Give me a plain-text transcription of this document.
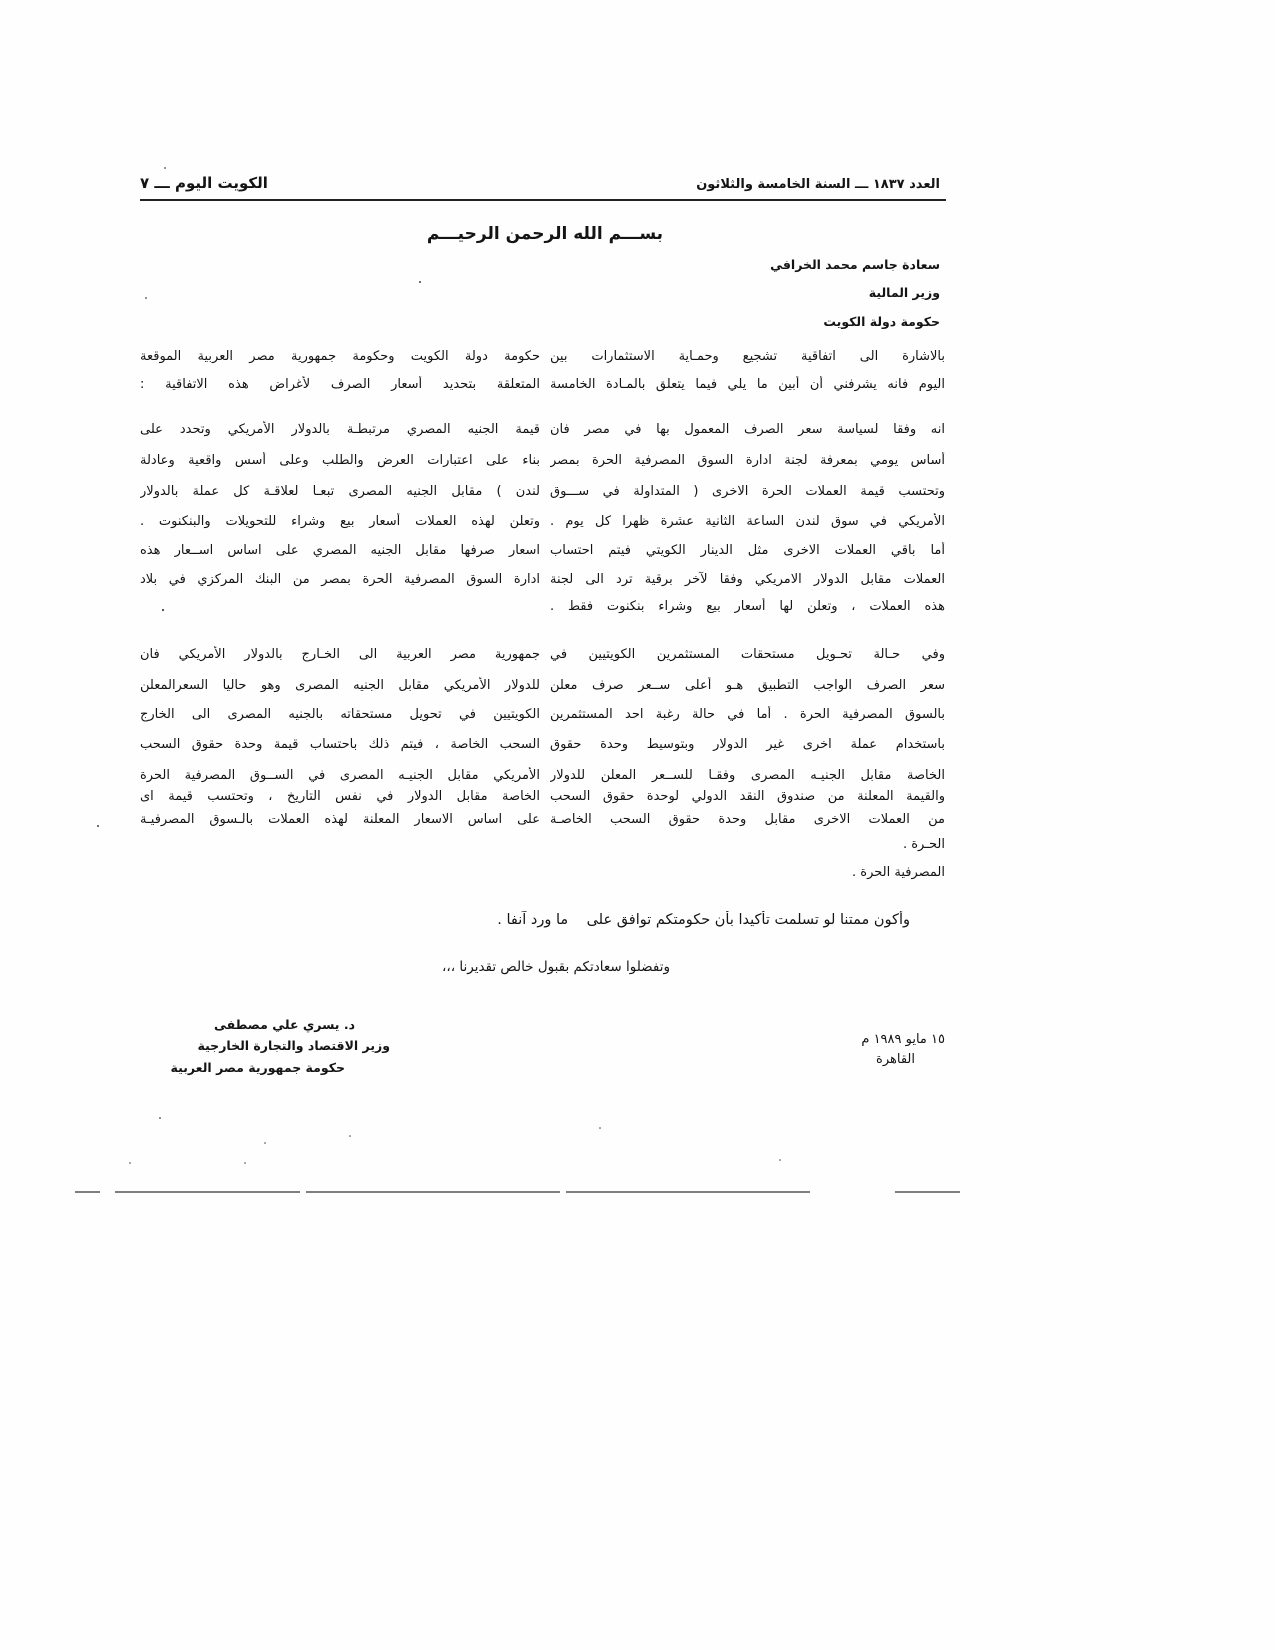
العدد ١٨٣٧ ـــ السنة الخامسة والثلاثون
الكويت اليوم ـــ ٧
بســـم الله الرحمن الرحيـــم
سعادة جاسم محمد الخرافي
وزير المالية
حكومة دولة الكويت
بالاشارة الى اتفاقية تشجيع وحمـاية الاستثمارات بين
اليوم فانه يشرفني أن أبين ما يلي فيما يتعلق بالمـادة الخامسة
حكومة دولة الكويت وحكومة جمهورية مصر العربية الموقعة
المتعلقة بتحديد أسعار الصرف لأغراض هذه الاتفاقية :
انه وفقا لسياسة سعر الصرف المعمول بها في مصر فان
أساس يومي بمعرفة لجنة ادارة السوق المصرفية الحرة بمصر
وتحتسب قيمة العملات الحرة الاخرى ( المتداولة في ســـوق
الأمريكي في سوق لندن الساعة الثانية عشرة ظهرا كل يوم .
أما باقي العملات الاخرى مثل الدينار الكويتي فيتم احتساب
العملات مقابل الدولار الامريكي وفقا لآخر برقية ترد الى لجنة
هذه العملات ، وتعلن لها أسعار بيع وشراء بنكنوت فقط .
قيمة الجنيه المصري مرتبطـة بالدولار الأمريكي وتحدد على
بناء على اعتبارات العرض والطلب وعلى أسس واقعية وعادلة
لندن ) مقابل الجنيه المصرى تبعـا لعلاقـة كل عملة بالدولار
وتعلن لهذه العملات أسعار بيع وشراء للتحويلات والبنكنوت .
اسعار صرفها مقابل الجنيه المصري على اساس اســعار هذه
ادارة السوق المصرفية الحرة بمصر من البنك المركزي في بلاد
وفي حـالة تحـويل مستحقات المستثمرين الكويتيين في
سعر الصرف الواجب التطبيق هـو أعلى ســعر صرف معلن
بالسوق المصرفية الحرة . أما في حالة رغبة احد المستثمرين
باستخدام عملة اخرى غير الدولار وبتوسيط وحدة حقوق
الخاصة مقابل الجنيـه المصرى وفقـا للســعر المعلن للدولار
والقيمة المعلنة من صندوق النقد الدولي لوحدة حقوق السحب
من العملات الاخرى مقابل وحدة حقوق السحب الخاصـة
الحـرة .
المصرفية الحرة .
جمهورية مصر العربية الى الخـارج بالدولار الأمريكي فان
للدولار الأمريكي مقابل الجنيه المصرى وهو حاليا السعرالمعلن
الكويتيين في تحويل مستحقاته بالجنيه المصرى الى الخارج
السحب الخاصة ، فيتم ذلك باحتساب قيمة وحدة حقوق السحب
الأمريكي مقابل الجنيـه المصرى في الســوق المصرفية الحرة
الخاصة مقابل الدولار في نفس التاريخ ، وتحتسب قيمة اى
على اساس الاسعار المعلنة لهذه العملات بالـسوق المصرفيـة
وأكون ممتنا لو تسلمت تأكيدا بأن حكومتكم توافق على    ما ورد آنفا .
وتفضلوا سعادتكم بقبول خالص تقديرنا ،،،
د. يسري علي مصطفى
وزير الاقتصاد والتجارة الخارجية
حكومة جمهورية مصر العربية
١٥ مايو ١٩٨٩ م
القاهرة
